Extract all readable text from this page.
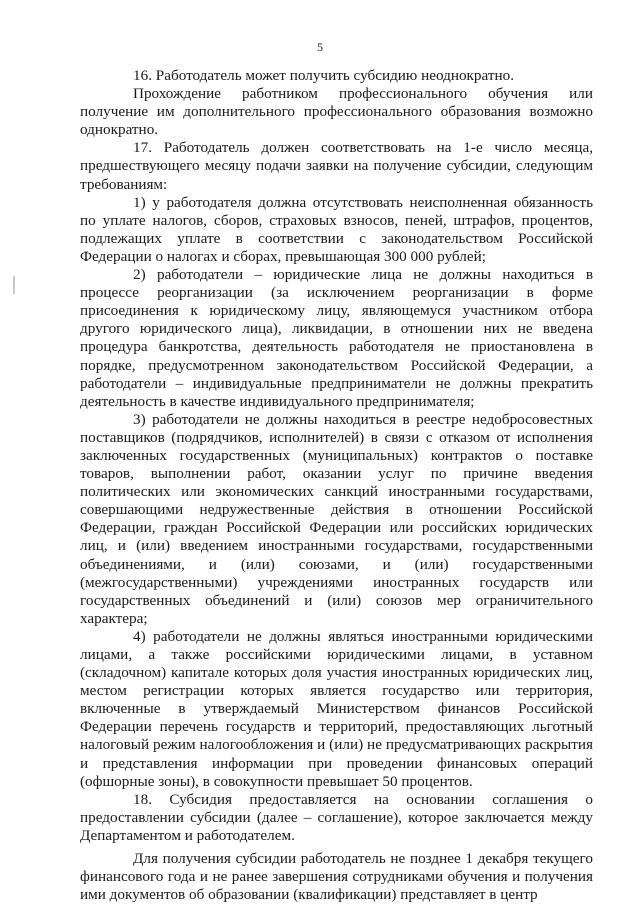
5

16. Работодатель может получить субсидию неоднократно.

Прохождение работником профессионального обучения или получение им дополнительного профессионального образования возможно однократно.

17. Работодатель должен соответствовать на 1-е число месяца, предшествующего месяцу подачи заявки на получение субсидии, следующим требованиям:

1) у работодателя должна отсутствовать неисполненная обязанность по уплате налогов, сборов, страховых взносов, пеней, штрафов, процентов, подлежащих уплате в соответствии с законодательством Российской Федерации о налогах и сборах, превышающая 300 000 рублей;

2) работодатели – юридические лица не должны находиться в процессе реорганизации (за исключением реорганизации в форме присоединения к юридическому лицу, являющемуся участником отбора другого юридического лица), ликвидации, в отношении них не введена процедура банкротства, деятельность работодателя не приостановлена в порядке, предусмотренном законодательством Российской Федерации, а работодатели – индивидуальные предприниматели не должны прекратить деятельность в качестве индивидуального предпринимателя;

3) работодатели не должны находиться в реестре недобросовестных поставщиков (подрядчиков, исполнителей) в связи с отказом от исполнения заключенных государственных (муниципальных) контрактов о поставке товаров, выполнении работ, оказании услуг по причине введения политических или экономических санкций иностранными государствами, совершающими недружественные действия в отношении Российской Федерации, граждан Российской Федерации или российских юридических лиц, и (или) введением иностранными государствами, государственными объединениями, и (или) союзами, и (или) государственными (межгосударственными) учреждениями иностранных государств или государственных объединений и (или) союзов мер ограничительного характера;

4) работодатели не должны являться иностранными юридическими лицами, а также российскими юридическими лицами, в уставном (складочном) капитале которых доля участия иностранных юридических лиц, местом регистрации которых является государство или территория, включенные в утверждаемый Министерством финансов Российской Федерации перечень государств и территорий, предоставляющих льготный налоговый режим налогообложения и (или) не предусматривающих раскрытия и представления информации при проведении финансовых операций (офшорные зоны), в совокупности превышает 50 процентов.

18. Субсидия предоставляется на основании соглашения о предоставлении субсидии (далее – соглашение), которое заключается между Департаментом и работодателем.

Для получения субсидии работодатель не позднее 1 декабря текущего финансового года и не ранее завершения сотрудниками обучения и получения ими документов об образовании (квалификации) представляет в центр
